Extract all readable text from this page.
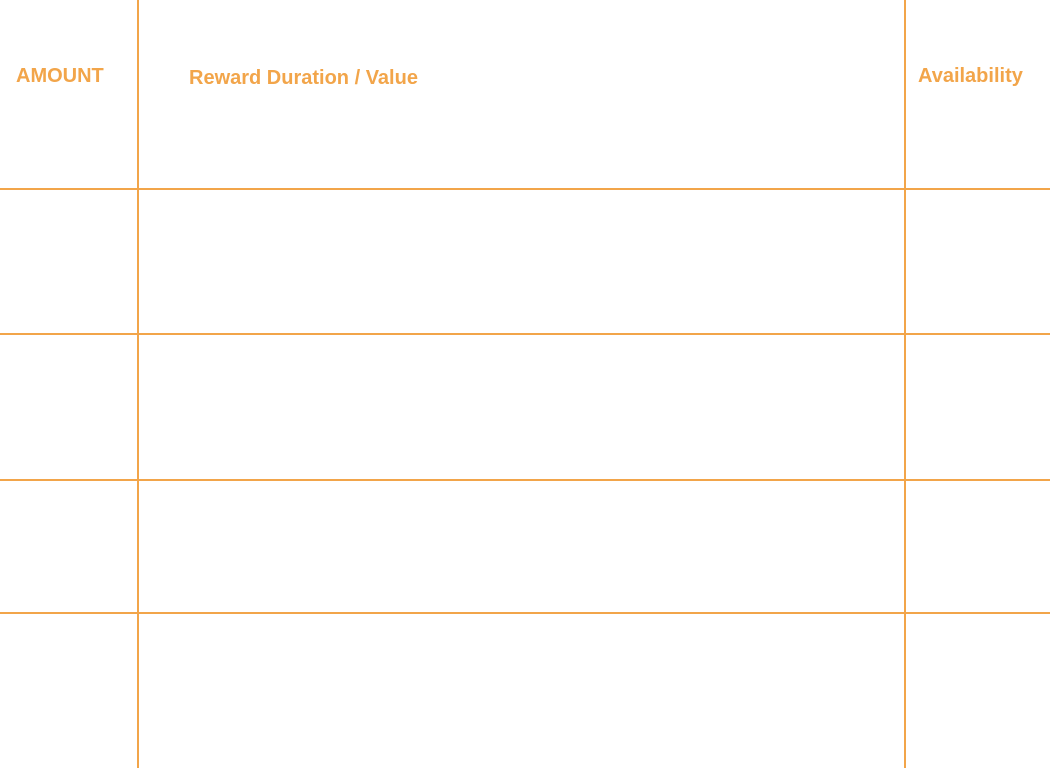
AMOUNT	Reward Duration / Value	Availability
